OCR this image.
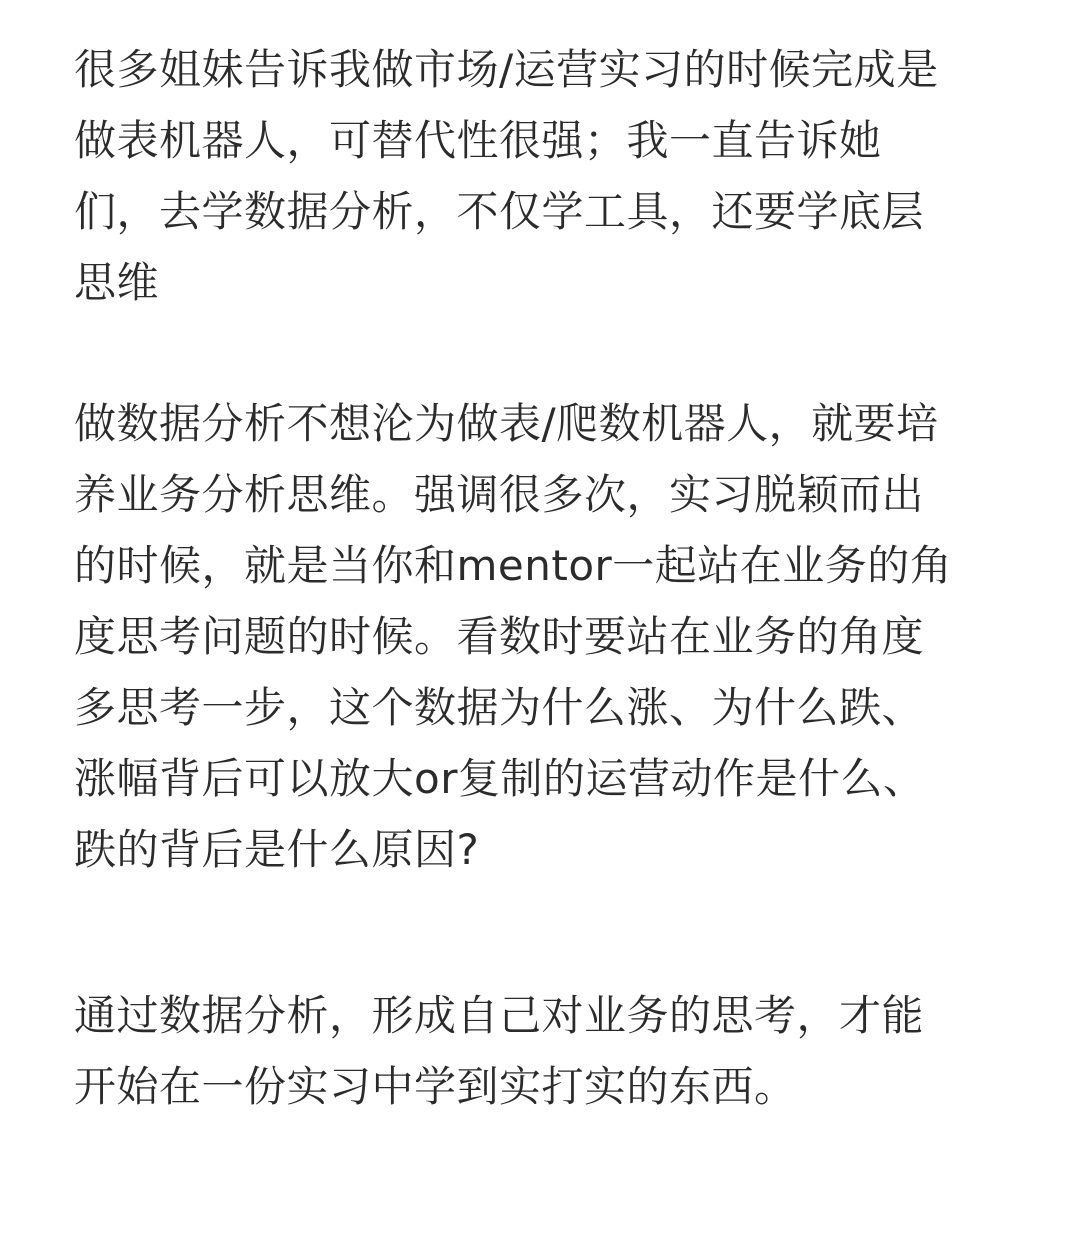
很多姐妹告诉我做市场/运营实习的时候完成是
做表机器人，可替代性很强；我一直告诉她
们，去学数据分析，不仅学工具，还要学底层
思维

做数据分析不想沦为做表/爬数机器人，就要培
养业务分析思维。强调很多次，实习脱颖而出
的时候，就是当你和mentor一起站在业务的角
度思考问题的时候。看数时要站在业务的角度
多思考一步，这个数据为什么涨、为什么跌、
涨幅背后可以放大or复制的运营动作是什么、
跌的背后是什么原因?

通过数据分析，形成自己对业务的思考，才能
开始在一份实习中学到实打实的东西。
